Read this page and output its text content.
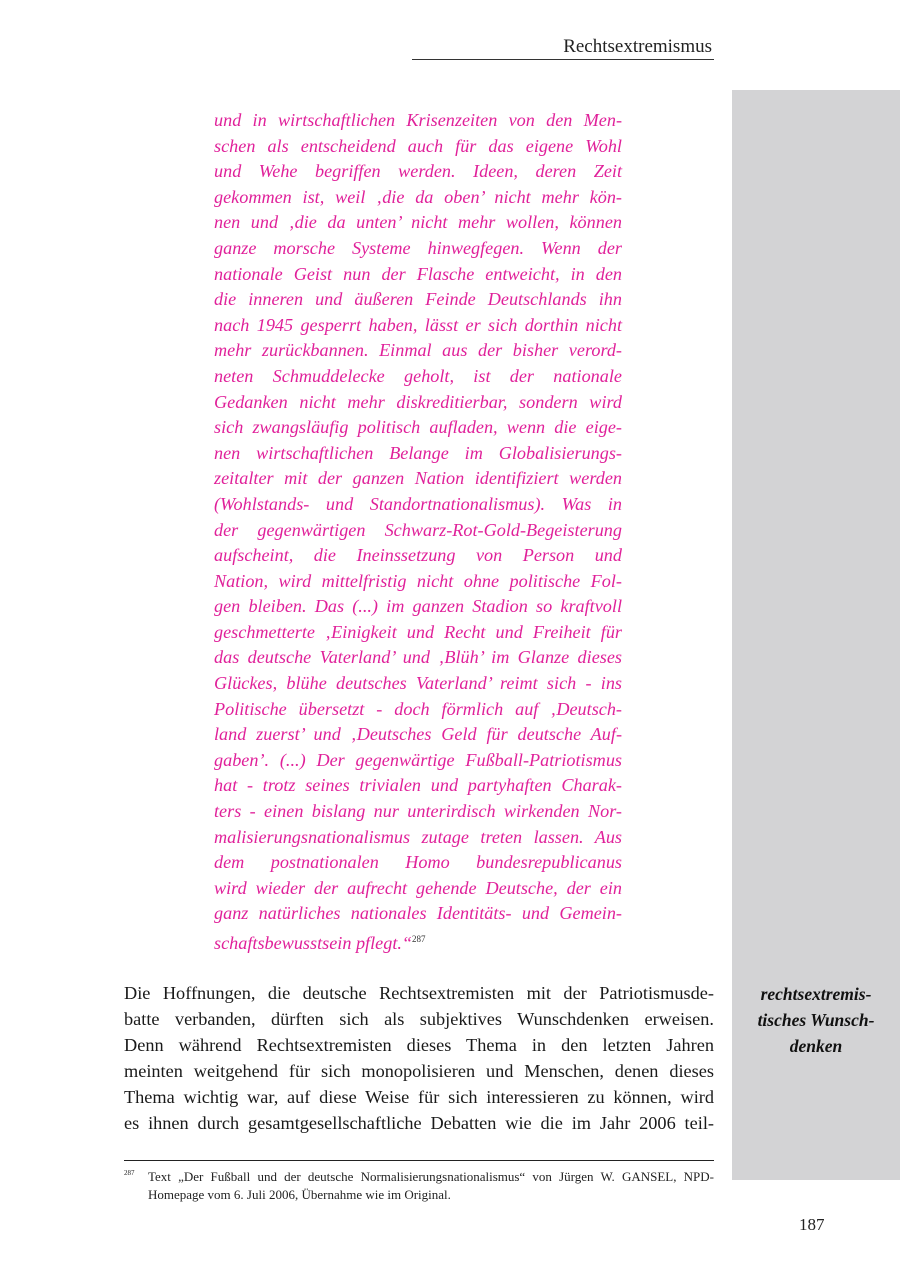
Rechtsextremismus
und in wirtschaftlichen Krisenzeiten von den Men-
schen als entscheidend auch für das eigene Wohl
und Wehe begriffen werden. Ideen, deren Zeit
gekommen ist, weil ‚die da oben’ nicht mehr kön-
nen und ‚die da unten’ nicht mehr wollen, können
ganze morsche Systeme hinwegfegen. Wenn der
nationale Geist nun der Flasche entweicht, in den
die inneren und äußeren Feinde Deutschlands ihn
nach 1945 gesperrt haben, lässt er sich dorthin nicht
mehr zurückbannen. Einmal aus der bisher verord-
neten Schmuddelecke geholt, ist der nationale
Gedanken nicht mehr diskreditierbar, sondern wird
sich zwangsläufig politisch aufladen, wenn die eige-
nen wirtschaftlichen Belange im Globalisierungs-
zeitalter mit der ganzen Nation identifiziert werden
(Wohlstands- und Standortnationalismus). Was in
der gegenwärtigen Schwarz-Rot-Gold-Begeisterung
aufscheint, die Ineinssetzung von Person und
Nation, wird mittelfristig nicht ohne politische Fol-
gen bleiben. Das (...) im ganzen Stadion so kraftvoll
geschmetterte ‚Einigkeit und Recht und Freiheit für
das deutsche Vaterland’ und ‚Blüh’ im Glanze dieses
Glückes, blühe deutsches Vaterland’ reimt sich - ins
Politische übersetzt - doch förmlich auf ‚Deutsch-
land zuerst’ und ‚Deutsches Geld für deutsche Auf-
gaben’. (...) Der gegenwärtige Fußball-Patriotismus
hat - trotz seines trivialen und partyhaften Charak-
ters - einen bislang nur unterirdisch wirkenden Nor-
malisierungsnationalismus zutage treten lassen. Aus
dem postnationalen Homo bundesrepublicanus
wird wieder der aufrecht gehende Deutsche, der ein
ganz natürliches nationales Identitäts- und Gemein-
schaftsbewusstsein pflegt.“$^{287}$
Die Hoffnungen, die deutsche Rechtsextremisten mit der Patriotismusde-
batte verbanden, dürften sich als subjektives Wunschdenken erweisen.
Denn während Rechtsextremisten dieses Thema in den letzten Jahren
meinten weitgehend für sich monopolisieren und Menschen, denen dieses
Thema wichtig war, auf diese Weise für sich interessieren zu können, wird
es ihnen durch gesamtgesellschaftliche Debatten wie die im Jahr 2006 teil-
rechtsextremis-
tisches Wunsch-
denken
287 Text „Der Fußball und der deutsche Normalisierungsnationalismus“ von Jürgen W. GANSEL, NPD-
Homepage vom 6. Juli 2006, Übernahme wie im Original.
187
